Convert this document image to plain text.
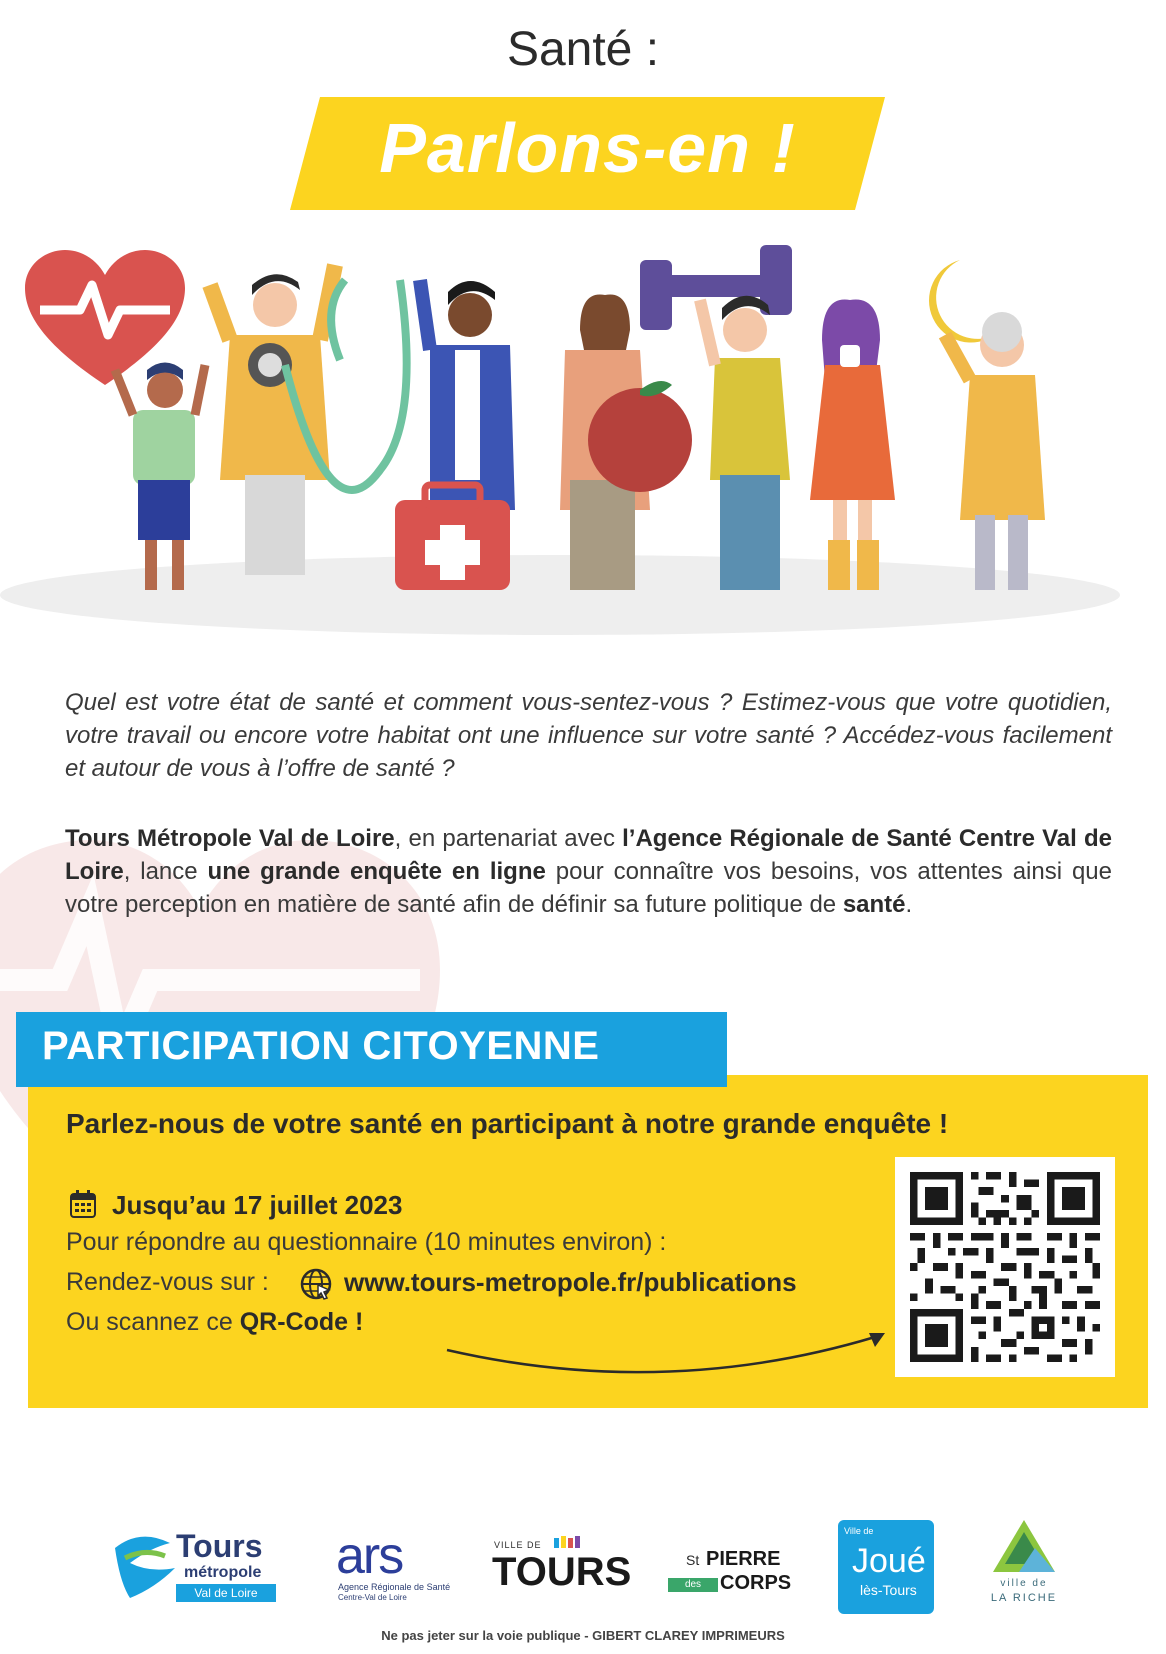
Santé :
Parlons-en !
Quel est votre état de santé et comment vous-sentez-vous ? Estimez-vous que votre quotidien, votre travail ou encore votre habitat ont une influence sur votre santé ? Accédez-vous facilement et autour de vous à l’offre de santé ?
Tours Métropole Val de Loire, en partenariat avec l’Agence Régionale de Santé Centre Val de Loire, lance une grande enquête en ligne pour connaître vos besoins, vos attentes ainsi que votre perception en matière de santé afin de définir sa future politique de santé.
PARTICIPATION CITOYENNE
Parlez-nous de votre santé en participant à notre grande enquête !
Jusqu’au 17 juillet 2023
Pour répondre au questionnaire (10 minutes environ) :
Rendez-vous sur :	www.tours-metropole.fr/publications
Ou scannez ce QR-Code !
Tours
métropole
Val de Loire
ars
Agence Régionale de Santé
Centre-Val de Loire
VILLE DE
TOURS	St PIERRE
des CORPS
Ville de
Joué
lès-Tours	ville de
LA RICHE
Ne pas jeter sur la voie publique - GIBERT CLAREY IMPRIMEURS
